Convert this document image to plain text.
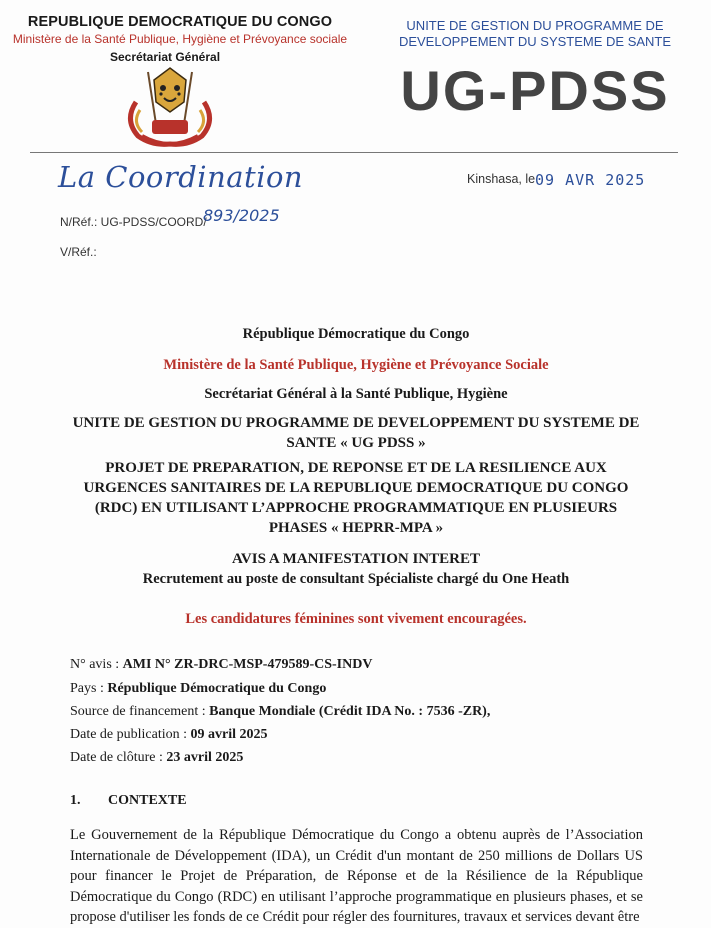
REPUBLIQUE DEMOCRATIQUE DU CONGO
Ministère de la Santé Publique, Hygiène et Prévoyance sociale
Secrétariat Général
UNITE DE GESTION DU PROGRAMME DE
DEVELOPPEMENT DU SYSTEME DE SANTE
UG-PDSS
La Coordination	Kinshasa, le 09 AVR 2025
N/Réf.: UG-PDSS/COORD/
893/2025
V/Réf.:
République Démocratique du Congo
Ministère de la Santé Publique, Hygiène et Prévoyance Sociale
Secrétariat Général à la Santé Publique, Hygiène
UNITE DE GESTION DU PROGRAMME DE DEVELOPPEMENT DU SYSTEME DE
SANTE « UG PDSS »
PROJET DE PREPARATION, DE REPONSE ET DE LA RESILIENCE AUX
URGENCES SANITAIRES DE LA REPUBLIQUE DEMOCRATIQUE DU CONGO
(RDC) EN UTILISANT L’APPROCHE PROGRAMMATIQUE EN PLUSIEURS
PHASES « HEPRR-MPA »
AVIS A MANIFESTATION INTERET
Recrutement au poste de consultant Spécialiste chargé du One Heath
Les candidatures féminines sont vivement encouragées.
N° avis : AMI N° ZR-DRC-MSP-479589-CS-INDV
Pays : République Démocratique du Congo
Source de financement : Banque Mondiale (Crédit IDA No. : 7536 -ZR),
Date de publication : 09 avril 2025
Date de clôture : 23 avril 2025
1. CONTEXTE
Le Gouvernement de la République Démocratique du Congo a obtenu auprès de l’Association Internationale de Développement (IDA), un Crédit d'un montant de 250 millions de Dollars US pour financer le Projet de Préparation, de Réponse et de la Résilience de la République Démocratique du Congo (RDC) en utilisant l’approche programmatique en plusieurs phases, et se propose d'utiliser les fonds de ce Crédit pour régler des fournitures, travaux et services devant être
